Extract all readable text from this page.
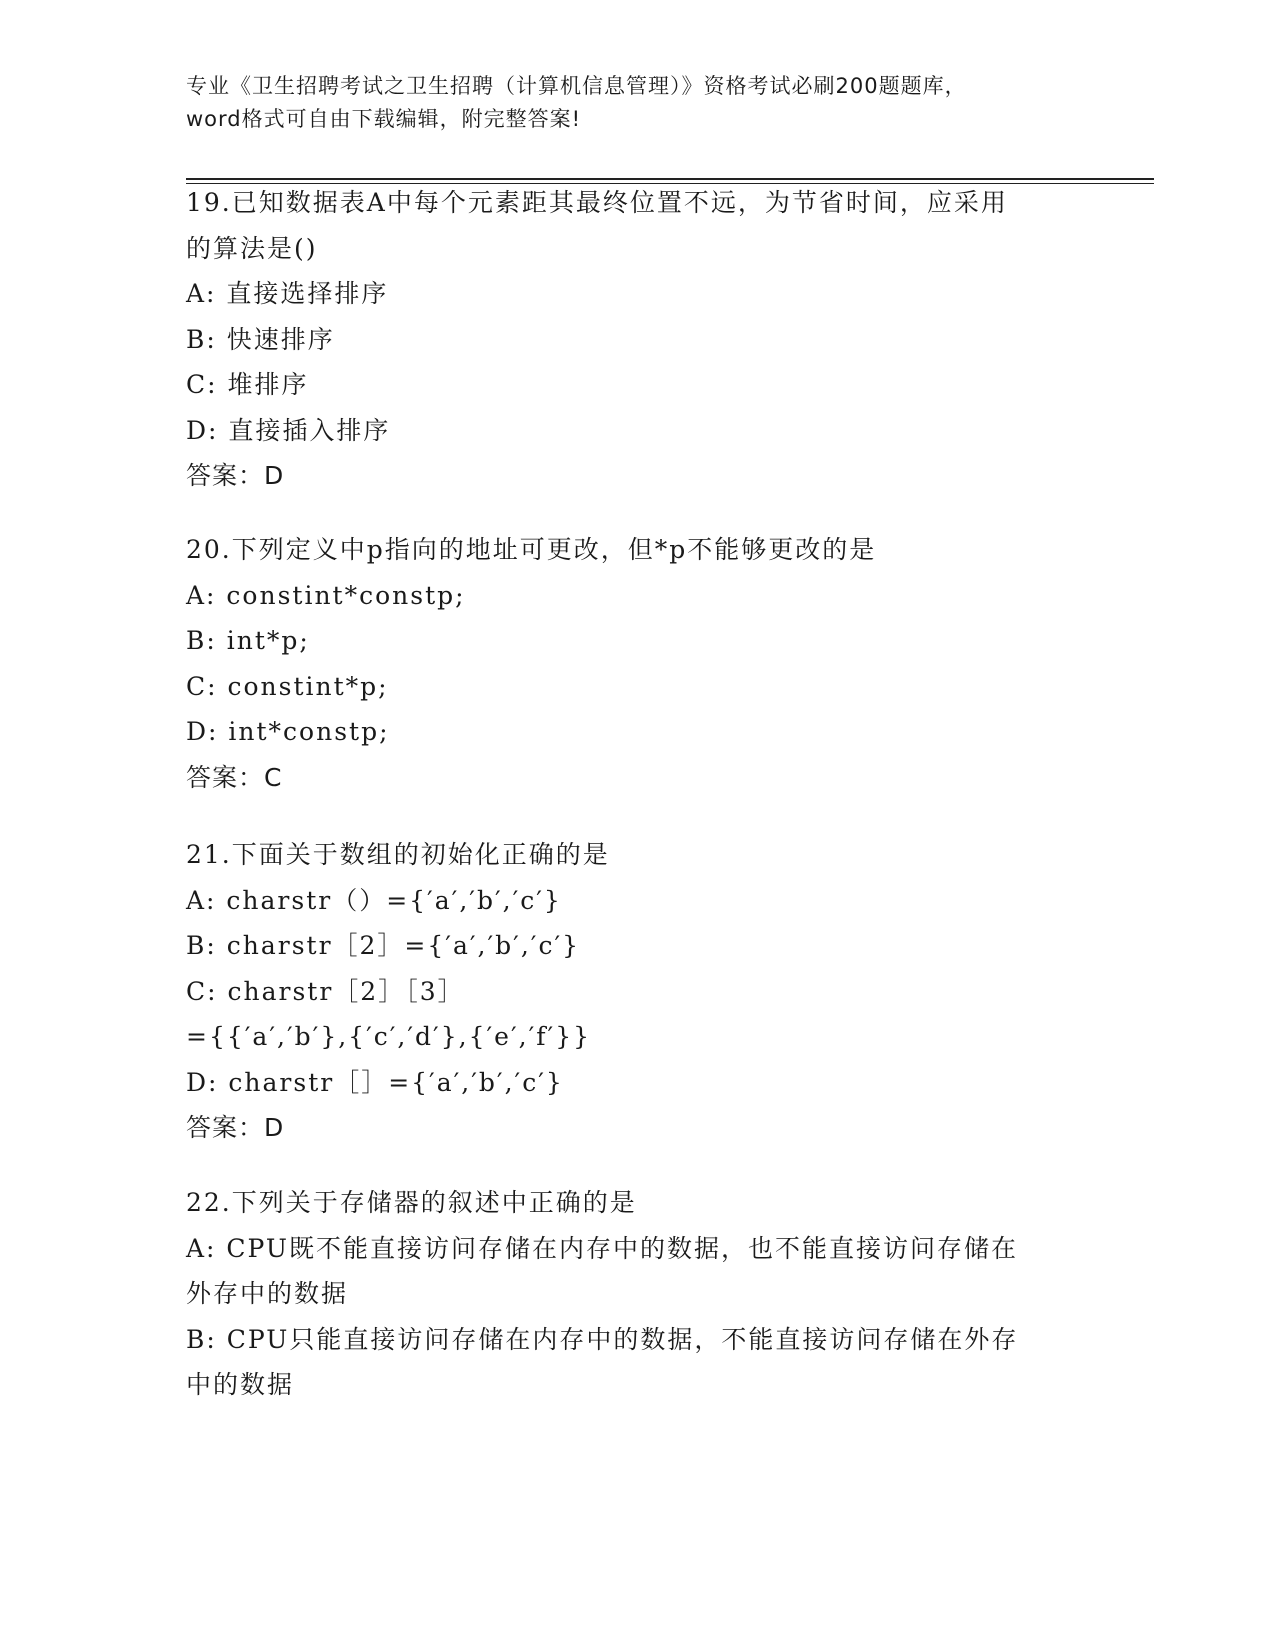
专业《卫生招聘考试之卫生招聘（计算机信息管理）》资格考试必刷200题题库，
word格式可自由下载编辑，附完整答案!
19.已知数据表A中每个元素距其最终位置不远，为节省时间，应采用
的算法是()
A: 直接选择排序
B: 快速排序
C: 堆排序
D: 直接插入排序
答案：D
20.下列定义中p指向的地址可更改，但*p不能够更改的是
A: constint*constp;
B: int*p;
C: constint*p;
D: int*constp;
答案：C
21.下面关于数组的初始化正确的是
A: charstr（）={′a′,′b′,′c′}
B: charstr［2］={′a′,′b′,′c′}
C: charstr［2］［3］
={{′a′,′b′},{′c′,′d′},{′e′,′f′}}
D: charstr［］={′a′,′b′,′c′}
答案：D
22.下列关于存储器的叙述中正确的是
A: CPU既不能直接访问存储在内存中的数据，也不能直接访问存储在
外存中的数据
B: CPU只能直接访问存储在内存中的数据，不能直接访问存储在外存
中的数据
